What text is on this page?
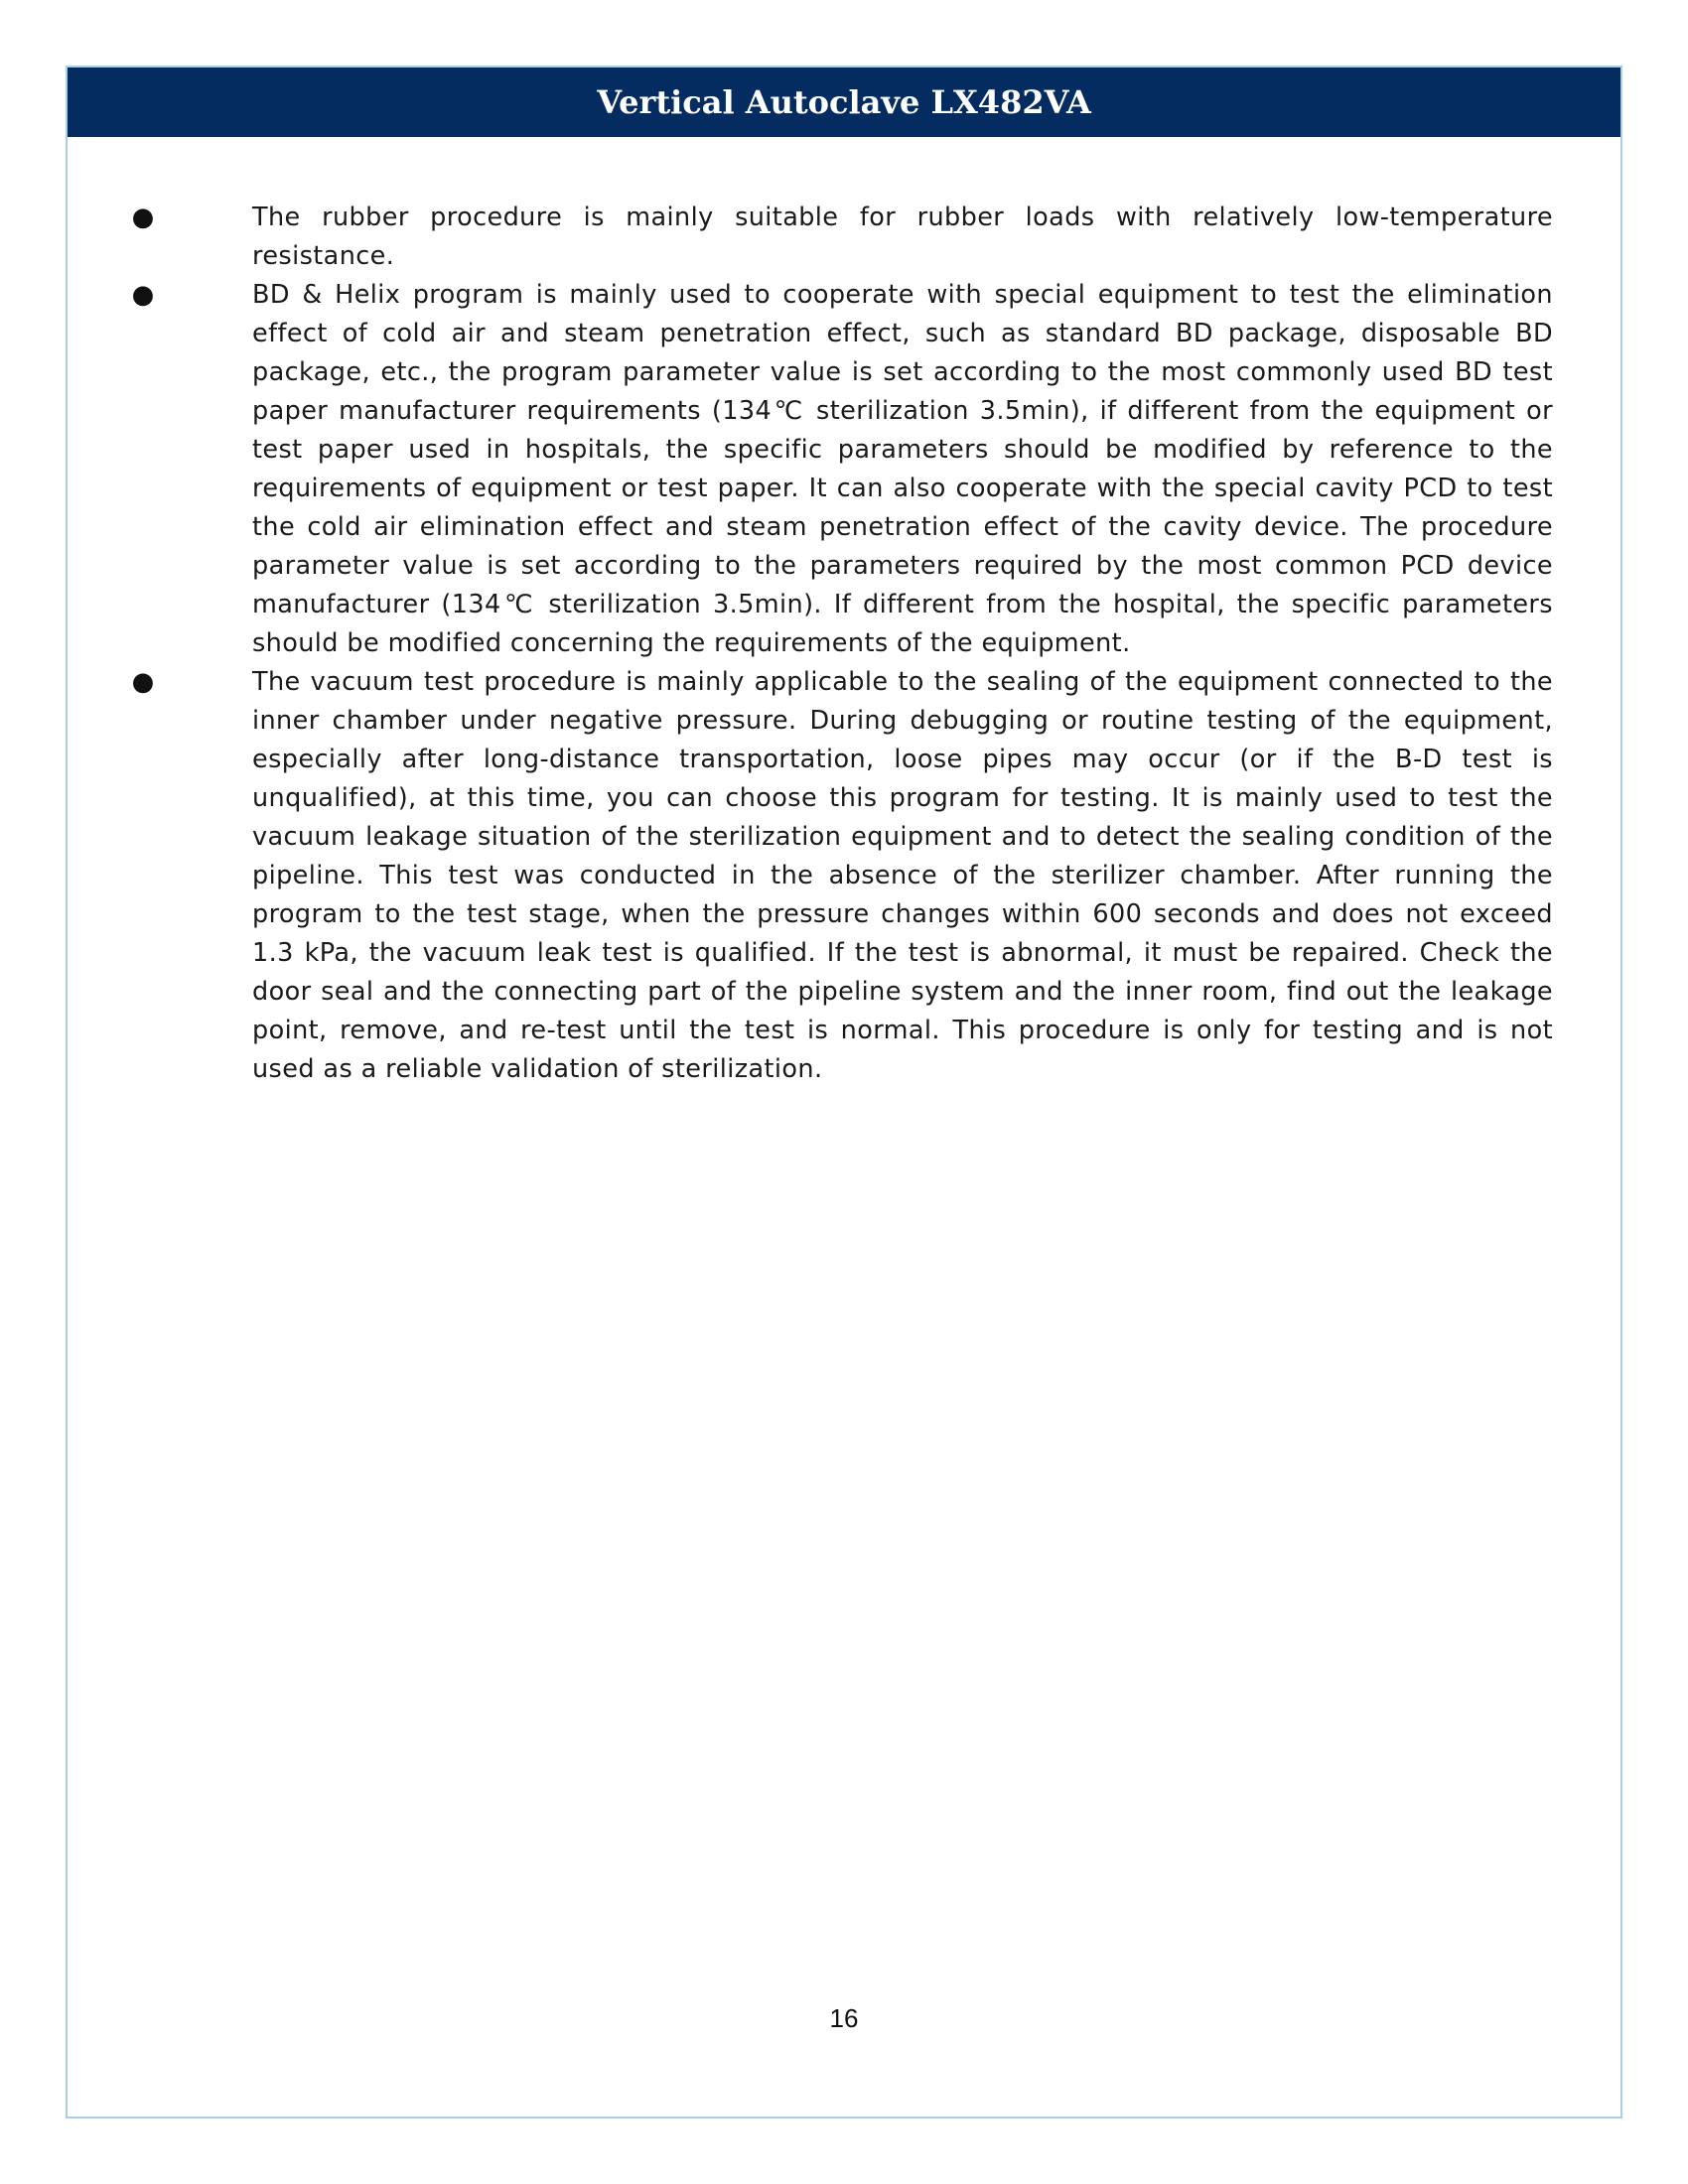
Vertical Autoclave LX482VA
●	The rubber procedure is mainly suitable for rubber loads with relatively low-temperature resistance.
●	BD & Helix program is mainly used to cooperate with special equipment to test the elimination effect of cold air and steam penetration effect, such as standard BD package, disposable BD package, etc., the program parameter value is set according to the most commonly used BD test paper manufacturer requirements (134℃ sterilization 3.5min), if different from the equipment or test paper used in hospitals, the specific parameters should be modified by reference to the requirements of equipment or test paper. It can also cooperate with the special cavity PCD to test the cold air elimination effect and steam penetration effect of the cavity device. The procedure parameter value is set according to the parameters required by the most common PCD device manufacturer (134℃ sterilization 3.5min). If different from the hospital, the specific parameters should be modified concerning the requirements of the equipment.
●	The vacuum test procedure is mainly applicable to the sealing of the equipment connected to the inner chamber under negative pressure. During debugging or routine testing of the equipment, especially after long-distance transportation, loose pipes may occur (or if the B-D test is unqualified), at this time, you can choose this program for testing. It is mainly used to test the vacuum leakage situation of the sterilization equipment and to detect the sealing condition of the pipeline. This test was conducted in the absence of the sterilizer chamber. After running the program to the test stage, when the pressure changes within 600 seconds and does not exceed 1.3 kPa, the vacuum leak test is qualified. If the test is abnormal, it must be repaired. Check the door seal and the connecting part of the pipeline system and the inner room, find out the leakage point, remove, and re-test until the test is normal. This procedure is only for testing and is not used as a reliable validation of sterilization.
16
